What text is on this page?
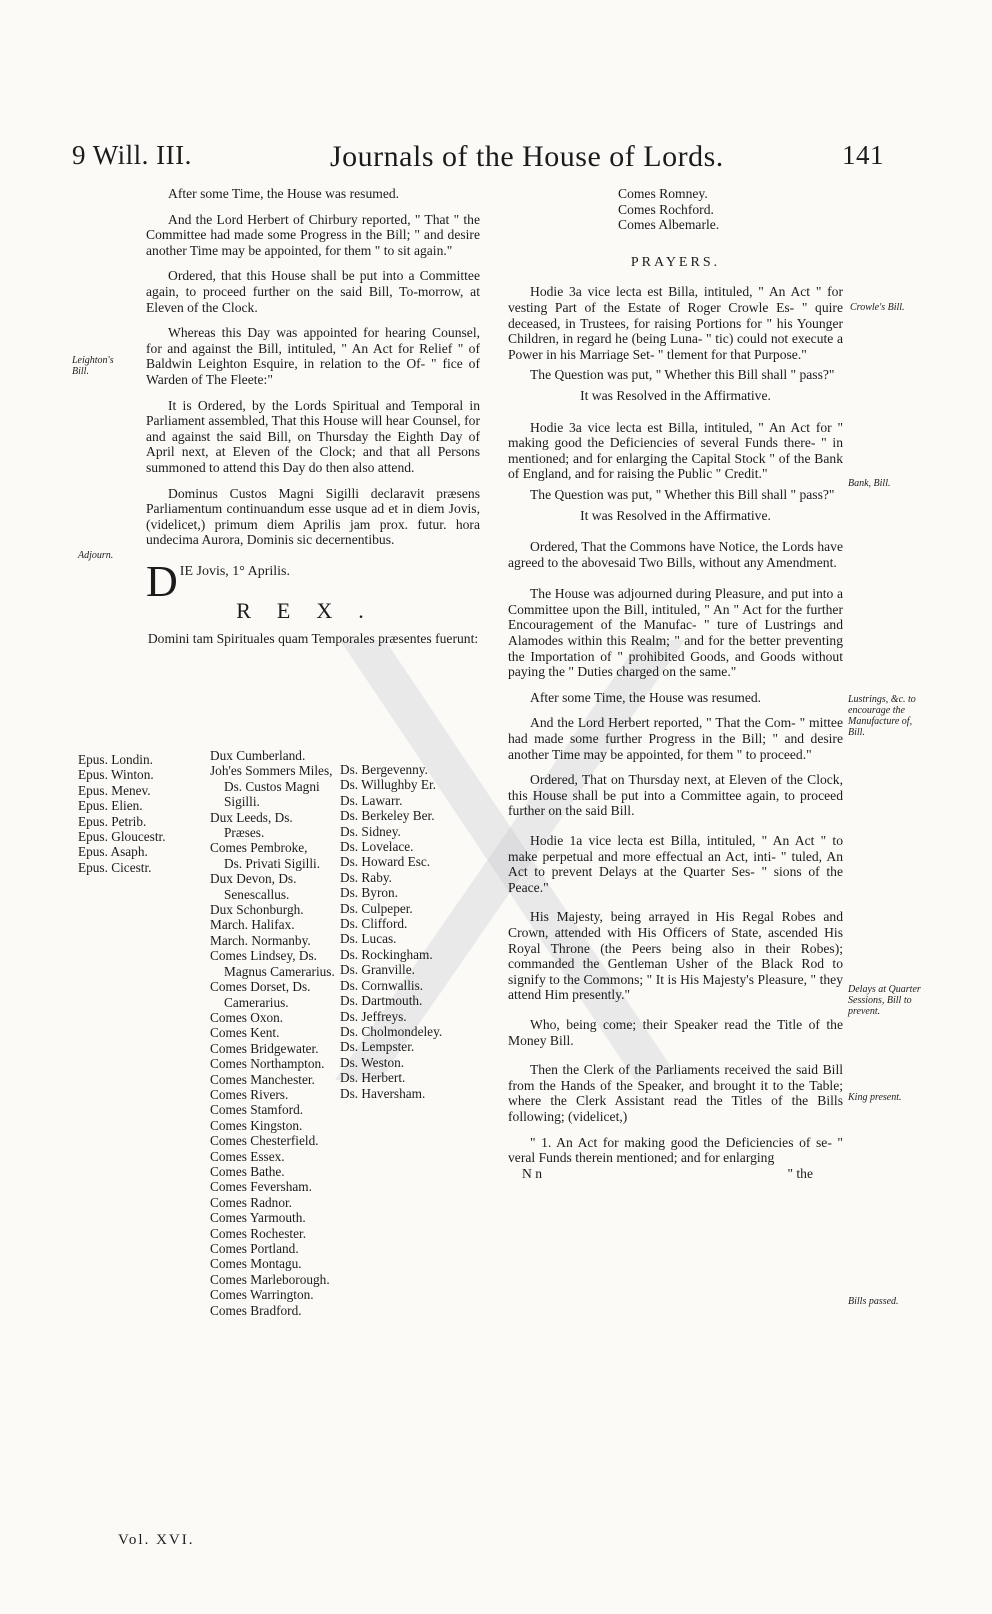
9 Will. III.	Journals of the House of Lords.	141
Leighton's Bill.
Adjourn.
Crowle's Bill.
Bank, Bill.
Lustrings, &c. to encourage the Manufacture of, Bill.
Delays at Quarter Sessions, Bill to prevent.
King present.
Bills passed.

After some Time, the House was resumed.

And the Lord Herbert of Chirbury reported, " That " the Committee had made some Progress in the Bill; " and desire another Time may be appointed, for them " to sit again."

Ordered, that this House shall be put into a Committee again, to proceed further on the said Bill, To-morrow, at Eleven of the Clock.

Whereas this Day was appointed for hearing Counsel, for and against the Bill, intituled, " An Act for Relief " of Baldwin Leighton Esquire, in relation to the Of- " fice of Warden of The Fleete:"

It is Ordered, by the Lords Spiritual and Temporal in Parliament assembled, That this House will hear Counsel, for and against the said Bill, on Thursday the Eighth Day of April next, at Eleven of the Clock; and that all Persons summoned to attend this Day do then also attend.

Dominus Custos Magni Sigilli declaravit præsens Parliamentum continuandum esse usque ad et in diem Jovis, (videlicet,) primum diem Aprilis jam prox. futur. hora undecima Aurora, Dominis sic decernentibus.

D IE Jovis, 1° Aprilis.
REX.

Domini tam Spirituales quam Temporales præsentes fuerunt:

Epus. Londin.
Epus. Winton.
Epus. Menev.
Epus. Elien.
Epus. Petrib.
Epus. Gloucestr.
Epus. Asaph.
Epus. Cicestr.
Dux Cumberland.
Joh'es Sommers Miles,
Ds. Custos Magni
Sigilli.
Dux Leeds, Ds.
Præses.
Comes Pembroke,
Ds. Privati Sigilli.
Dux Devon, Ds.
Senescallus.
Dux Schonburgh.
March. Halifax.
March. Normanby.
Comes Lindsey, Ds.
Magnus Camerarius.
Comes Dorset, Ds.
Camerarius.
Comes Oxon.
Comes Kent.
Comes Bridgewater.
Comes Northampton.
Comes Manchester.
Comes Rivers.
Comes Stamford.
Comes Kingston.
Comes Chesterfield.
Comes Essex.
Comes Bathe.
Comes Feversham.
Comes Radnor.
Comes Yarmouth.
Comes Rochester.
Comes Portland.
Comes Montagu.
Comes Marleborough.
Comes Warrington.
Comes Bradford.
Ds. Bergevenny.
Ds. Willughby Er.
Ds. Lawarr.
Ds. Berkeley Ber.
Ds. Sidney.
Ds. Lovelace.
Ds. Howard Esc.
Ds. Raby.
Ds. Byron.
Ds. Culpeper.
Ds. Clifford.
Ds. Lucas.
Ds. Rockingham.
Ds. Granville.
Ds. Cornwallis.
Ds. Dartmouth.
Ds. Jeffreys.
Ds. Cholmondeley.
Ds. Lempster.
Ds. Weston.
Ds. Herbert.
Ds. Haversham.
Comes Romney.
Comes Rochford.
Comes Albemarle.
PRAYERS.

Hodie 3a vice lecta est Billa, intituled, " An Act " for vesting Part of the Estate of Roger Crowle Es- " quire deceased, in Trustees, for raising Portions for " his Younger Children, in regard he (being Luna- " tic) could not execute a Power in his Marriage Set- " tlement for that Purpose."

The Question was put, " Whether this Bill shall " pass?"

It was Resolved in the Affirmative.

Hodie 3a vice lecta est Billa, intituled, " An Act for " making good the Deficiencies of several Funds there- " in mentioned; and for enlarging the Capital Stock " of the Bank of England, and for raising the Public " Credit."

The Question was put, " Whether this Bill shall " pass?"

It was Resolved in the Affirmative.

Ordered, That the Commons have Notice, the Lords have agreed to the abovesaid Two Bills, without any Amendment.

The House was adjourned during Pleasure, and put into a Committee upon the Bill, intituled, " An " Act for the further Encouragement of the Manufac- " ture of Lustrings and Alamodes within this Realm; " and for the better preventing the Importation of " prohibited Goods, and Goods without paying the " Duties charged on the same."

After some Time, the House was resumed.

And the Lord Herbert reported, " That the Com- " mittee had made some further Progress in the Bill; " and desire another Time may be appointed, for them " to proceed."

Ordered, That on Thursday next, at Eleven of the Clock, this House shall be put into a Committee again, to proceed further on the said Bill.

Hodie 1a vice lecta est Billa, intituled, " An Act " to make perpetual and more effectual an Act, inti- " tuled, An Act to prevent Delays at the Quarter Ses- " sions of the Peace."

His Majesty, being arrayed in His Regal Robes and Crown, attended with His Officers of State, ascended His Royal Throne (the Peers being also in their Robes); commanded the Gentleman Usher of the Black Rod to signify to the Commons; " It is His Majesty's Pleasure, " they attend Him presently."

Who, being come; their Speaker read the Title of the Money Bill.

Then the Clerk of the Parliaments received the said Bill from the Hands of the Speaker, and brought it to the Table; where the Clerk Assistant read the Titles of the Bills following; (videlicet,)

" 1. An Act for making good the Deficiencies of se- " veral Funds therein mentioned; and for enlarging

N n	" the
Vol. XVI.
